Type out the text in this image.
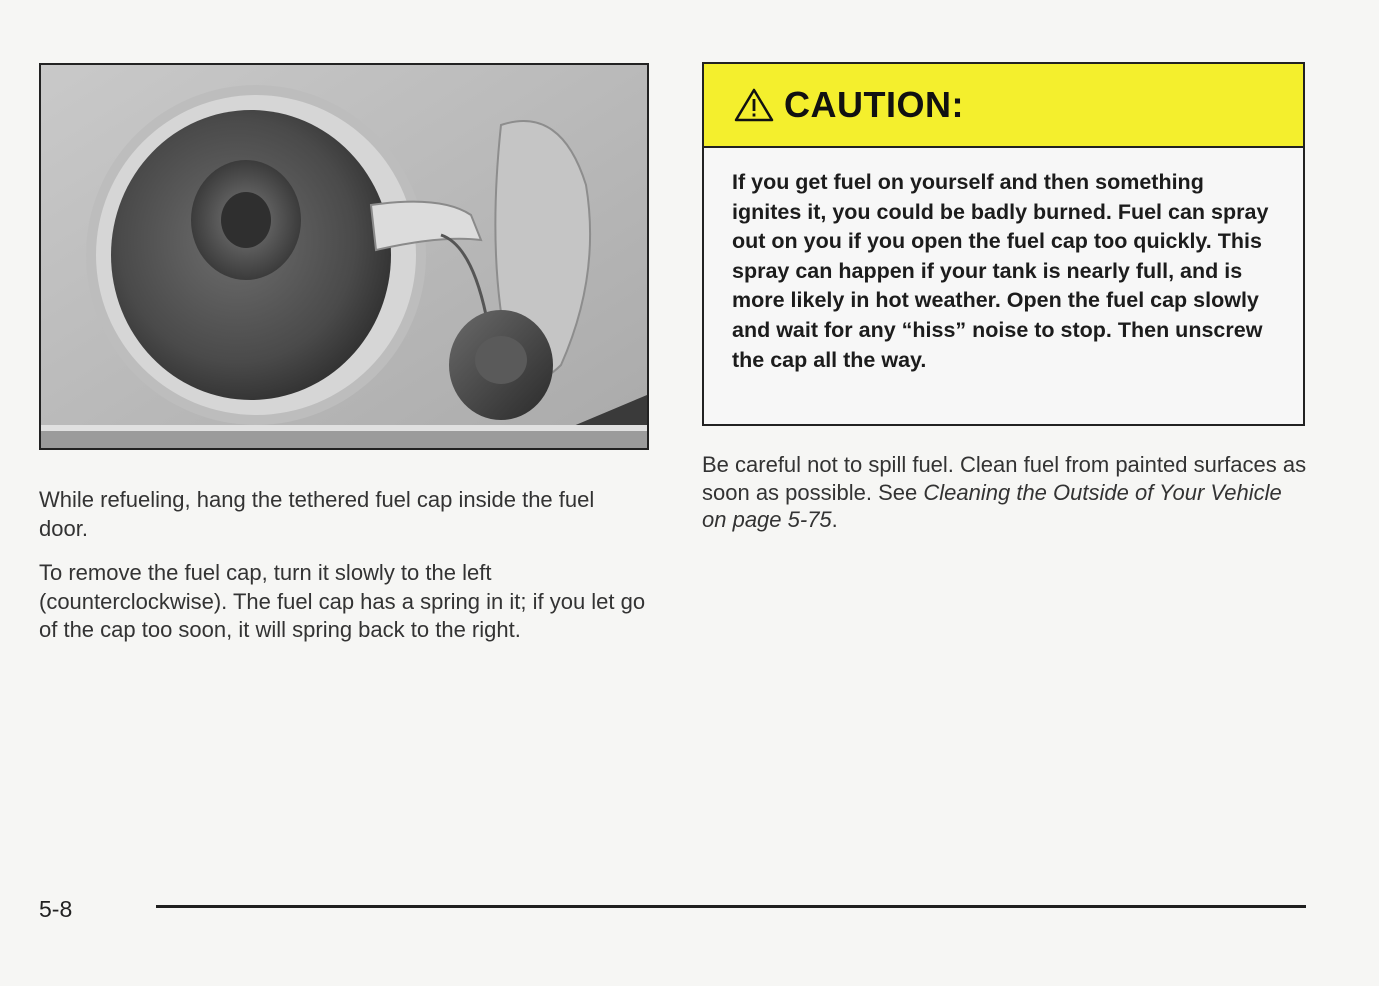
While refueling, hang the tethered fuel cap inside the fuel door.

To remove the fuel cap, turn it slowly to the left (counterclockwise). The fuel cap has a spring in it; if you let go of the cap too soon, it will spring back to the right.

CAUTION:
If you get fuel on yourself and then something ignites it, you could be badly burned. Fuel can spray out on you if you open the fuel cap too quickly. This spray can happen if your tank is nearly full, and is more likely in hot weather. Open the fuel cap slowly and wait for any “hiss” noise to stop. Then unscrew the cap all the way.

Be careful not to spill fuel. Clean fuel from painted surfaces as soon as possible. See Cleaning the Outside of Your Vehicle on page 5-75.

5-8
